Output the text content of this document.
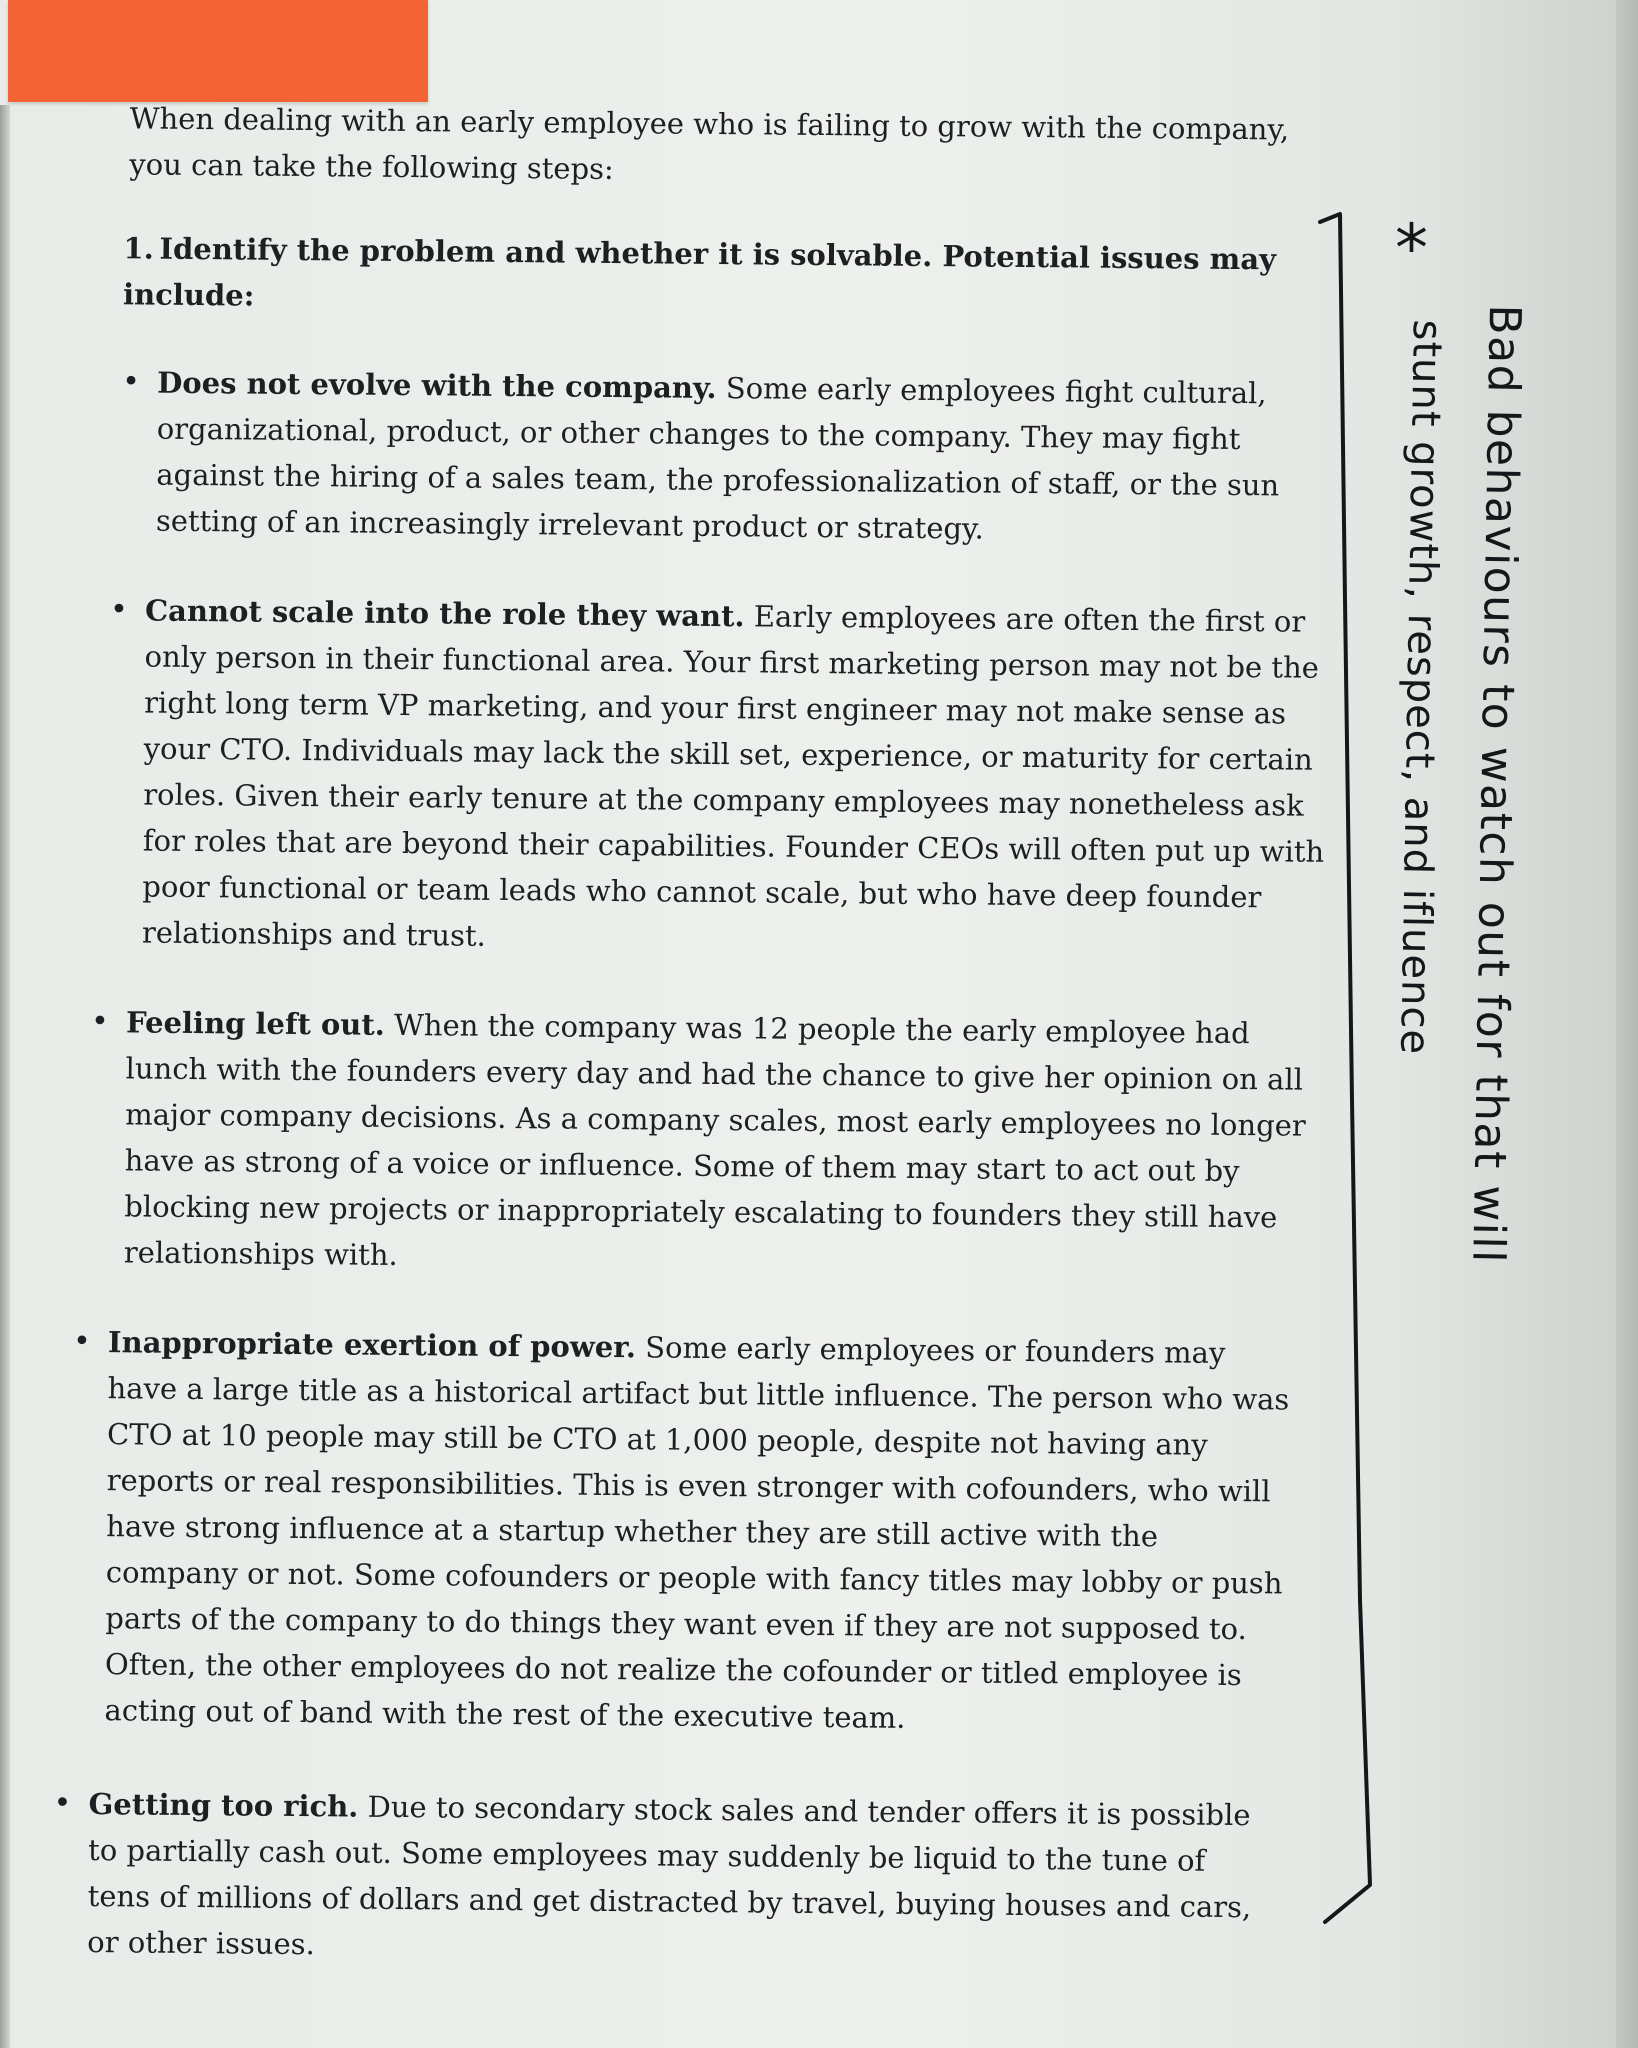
When dealing with an early employee who is failing to grow with the company, you can take the following steps:

1. Identify the problem and whether it is solvable. Potential issues may include:

• Does not evolve with the company. Some early employees fight cultural, organizational, product, or other changes to the company. They may fight against the hiring of a sales team, the professionalization of staff, or the sun setting of an increasingly irrelevant product or strategy.

• Cannot scale into the role they want. Early employees are often the first or only person in their functional area. Your first marketing person may not be the right long term VP marketing, and your first engineer may not make sense as your CTO. Individuals may lack the skill set, experience, or maturity for certain roles. Given their early tenure at the company employees may nonetheless ask for roles that are beyond their capabilities. Founder CEOs will often put up with poor functional or team leads who cannot scale, but who have deep founder relationships and trust.

• Feeling left out. When the company was 12 people the early employee had lunch with the founders every day and had the chance to give her opinion on all major company decisions. As a company scales, most early employees no longer have as strong of a voice or influence. Some of them may start to act out by blocking new projects or inappropriately escalating to founders they still have relationships with.

• Inappropriate exertion of power. Some early employees or founders may have a large title as a historical artifact but little influence. The person who was CTO at 10 people may still be CTO at 1,000 people, despite not having any reports or real responsibilities. This is even stronger with cofounders, who will have strong influence at a startup whether they are still active with the company or not. Some cofounders or people with fancy titles may lobby or push parts of the company to do things they want even if they are not supposed to. Often, the other employees do not realize the cofounder or titled employee is acting out of band with the rest of the executive team.

• Getting too rich. Due to secondary stock sales and tender offers it is possible to partially cash out. Some employees may suddenly be liquid to the tune of tens of millions of dollars and get distracted by travel, buying houses and cars, or other issues.

*
Bad behaviours to watch out for that will
stunt growth, respect, and ifluence
